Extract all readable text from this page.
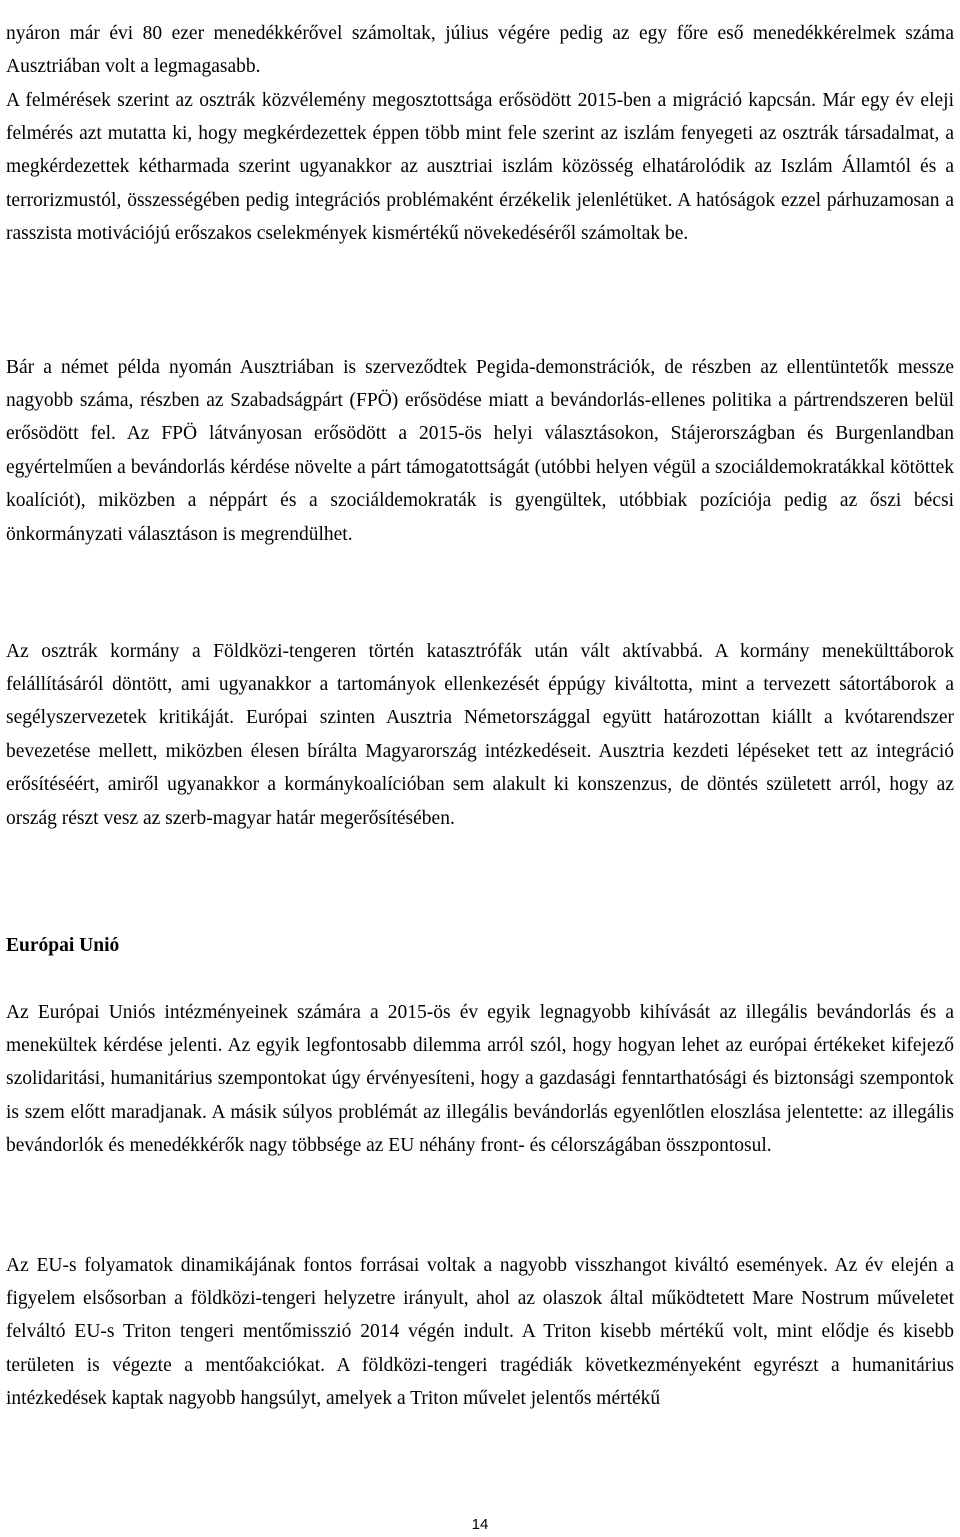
nyáron már évi 80 ezer menedékkérővel számoltak, július végére pedig az egy főre eső menedékkérelmek száma Ausztriában volt a legmagasabb.

A felmérések szerint az osztrák közvélemény megosztottsága erősödött 2015-ben a migráció kapcsán. Már egy év eleji felmérés azt mutatta ki, hogy megkérdezettek éppen több mint fele szerint az iszlám fenyegeti az osztrák társadalmat, a megkérdezettek kétharmada szerint ugyanakkor az ausztriai iszlám közösség elhatárolódik az Iszlám Államtól és a terrorizmustól, összességében pedig integrációs problémaként érzékelik jelenlétüket. A hatóságok ezzel párhuzamosan a rasszista motivációjú erőszakos cselekmények kismértékű növekedéséről számoltak be.

Bár a német példa nyomán Ausztriában is szerveződtek Pegida-demonstrációk, de részben az ellentüntetők messze nagyobb száma, részben az Szabadságpárt (FPÖ) erősödése miatt a bevándorlás-ellenes politika a pártrendszeren belül erősödött fel. Az FPÖ látványosan erősödött a 2015-ös helyi választásokon, Stájerországban és Burgenlandban egyértelműen a bevándorlás kérdése növelte a párt támogatottságát (utóbbi helyen végül a szociáldemokratákkal kötöttek koalíciót), miközben a néppárt és a szociáldemokraták is gyengültek, utóbbiak pozíciója pedig az őszi bécsi önkormányzati választáson is megrendülhet.

Az osztrák kormány a Földközi-tengeren történ katasztrófák után vált aktívabbá. A kormány menekülttáborok felállításáról döntött, ami ugyanakkor a tartományok ellenkezését éppúgy kiváltotta, mint a tervezett sátortáborok a segélyszervezetek kritikáját. Európai szinten Ausztria Németországgal együtt határozottan kiállt a kvótarendszer bevezetése mellett, miközben élesen bírálta Magyarország intézkedéseit. Ausztria kezdeti lépéseket tett az integráció erősítéséért, amiről ugyanakkor a kormánykoalícióban sem alakult ki konszenzus, de döntés született arról, hogy az ország részt vesz az szerb-magyar határ megerősítésében.

Európai Unió

Az Európai Uniós intézményeinek számára a 2015-ös év egyik legnagyobb kihívását az illegális bevándorlás és a menekültek kérdése jelenti. Az egyik legfontosabb dilemma arról szól, hogy hogyan lehet az európai értékeket kifejező szolidaritási, humanitárius szempontokat úgy érvényesíteni, hogy a gazdasági fenntarthatósági és biztonsági szempontok is szem előtt maradjanak. A másik súlyos problémát az illegális bevándorlás egyenlőtlen eloszlása jelentette: az illegális bevándorlók és menedékkérők nagy többsége az EU néhány front- és célországában összpontosul.

Az EU-s folyamatok dinamikájának fontos forrásai voltak a nagyobb visszhangot kiváltó események. Az év elején a figyelem elsősorban a földközi-tengeri helyzetre irányult, ahol az olaszok által működtetett Mare Nostrum műveletet felváltó EU-s Triton tengeri mentőmisszió 2014 végén indult. A Triton kisebb mértékű volt, mint elődje és kisebb területen is végezte a mentőakciókat. A földközi-tengeri tragédiák következményeként egyrészt a humanitárius intézkedések kaptak nagyobb hangsúlyt, amelyek a Triton művelet jelentős mértékű

14
